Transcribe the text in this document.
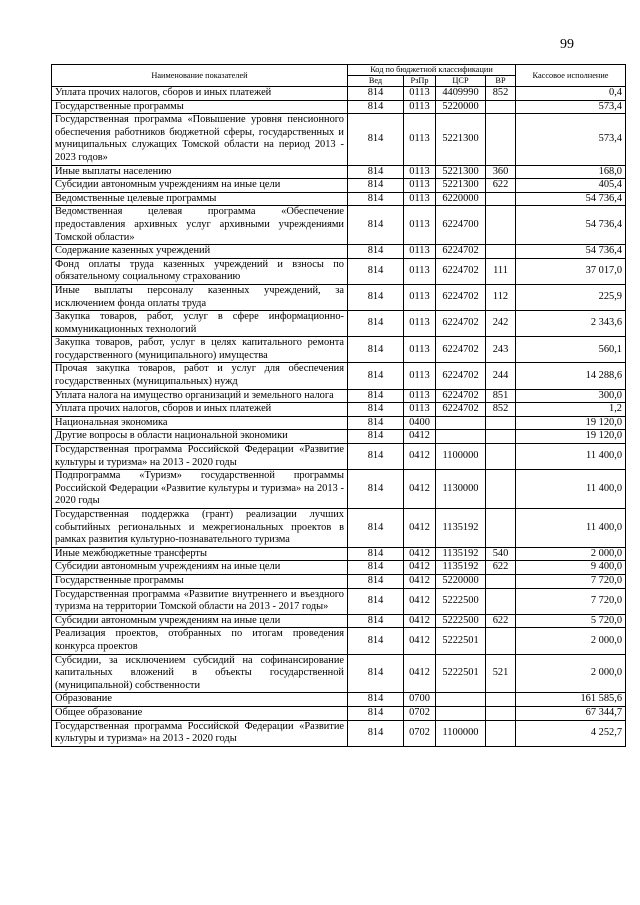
99
Наименование показателей	Код по бюджетной классификации				Кассовое исполнение
	Вед	РзПр	ЦСР	ВР	
Уплата прочих налогов, сборов и иных платежей	814	0113	4409990	852	0,4
Государственные программы	814	0113	5220000		573,4
Государственная программа «Повышение уровня пенсионного обеспечения работников бюджетной сферы, государственных и муниципальных служащих Томской области на период 2013 - 2023 годов»	814	0113	5221300		573,4
Иные выплаты населению	814	0113	5221300	360	168,0
Субсидии автономным учреждениям на иные цели	814	0113	5221300	622	405,4
Ведомственные целевые программы	814	0113	6220000		54 736,4
Ведомственная целевая программа «Обеспечение предоставления архивных услуг архивными учреждениями Томской области»	814	0113	6224700		54 736,4
Содержание казенных учреждений	814	0113	6224702		54 736,4
Фонд оплаты труда казенных учреждений и взносы по обязательному социальному страхованию	814	0113	6224702	111	37 017,0
Иные выплаты персоналу казенных учреждений, за исключением фонда оплаты труда	814	0113	6224702	112	225,9
Закупка товаров, работ, услуг в сфере информационно-коммуникационных технологий	814	0113	6224702	242	2 343,6
Закупка товаров, работ, услуг в целях капитального ремонта государственного (муниципального) имущества	814	0113	6224702	243	560,1
Прочая закупка товаров, работ и услуг для обеспечения государственных (муниципальных) нужд	814	0113	6224702	244	14 288,6
Уплата налога на имущество организаций и земельного налога	814	0113	6224702	851	300,0
Уплата прочих налогов, сборов и иных платежей	814	0113	6224702	852	1,2
Национальная экономика	814	0400			19 120,0
Другие вопросы в области национальной экономики	814	0412			19 120,0
Государственная программа Российской Федерации «Развитие культуры и туризма» на 2013 - 2020 годы	814	0412	1100000		11 400,0
Подпрограмма «Туризм» государственной программы Российской Федерации «Развитие культуры и туризма» на 2013 - 2020 годы	814	0412	1130000		11 400,0
Государственная поддержка (грант) реализации лучших событийных региональных и межрегиональных проектов в рамках развития культурно-познавательного туризма	814	0412	1135192		11 400,0
Иные межбюджетные трансферты	814	0412	1135192	540	2 000,0
Субсидии автономным учреждениям на иные цели	814	0412	1135192	622	9 400,0
Государственные программы	814	0412	5220000		7 720,0
Государственная программа «Развитие внутреннего и въездного туризма на территории Томской области на 2013 - 2017 годы»	814	0412	5222500		7 720,0
Субсидии автономным учреждениям на иные цели	814	0412	5222500	622	5 720,0
Реализация проектов, отобранных по итогам проведения конкурса проектов	814	0412	5222501		2 000,0
Субсидии, за исключением субсидий на софинансирование капитальных вложений в объекты государственной (муниципальной) собственности	814	0412	5222501	521	2 000,0
Образование	814	0700			161 585,6
Общее образование	814	0702			67 344,7
Государственная программа Российской Федерации «Развитие культуры и туризма» на 2013 - 2020 годы	814	0702	1100000		4 252,7
